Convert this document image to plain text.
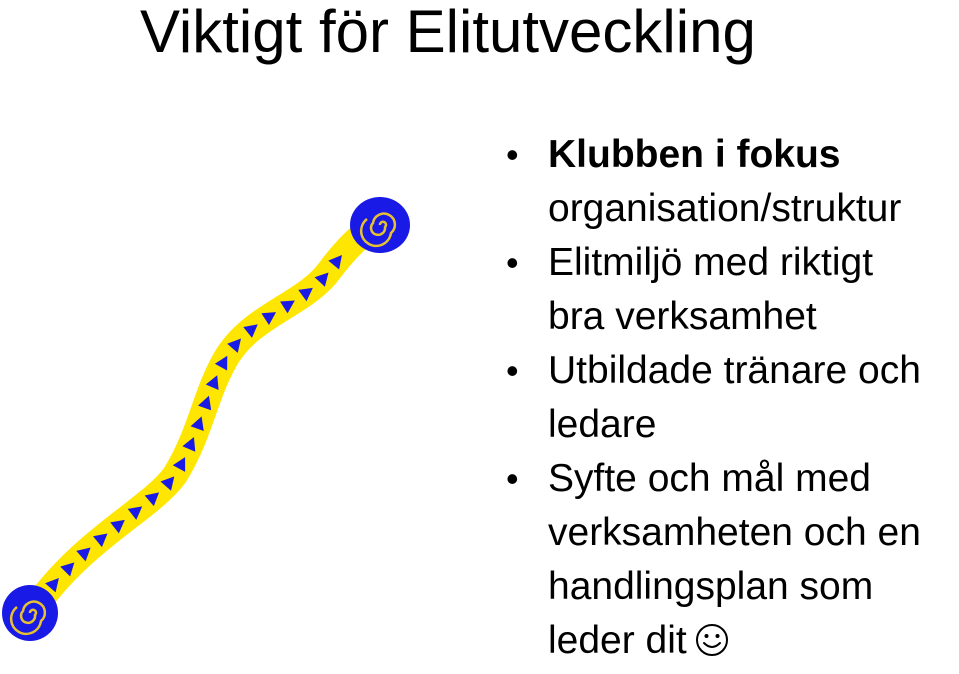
Viktigt för Elitutveckling
• Klubben i fokus
organisation/struktur
• Elitmiljö med riktigt
bra verksamhet
• Utbildade tränare och
ledare
• Syfte och mål med
verksamheten och en
handlingsplan som
leder dit
